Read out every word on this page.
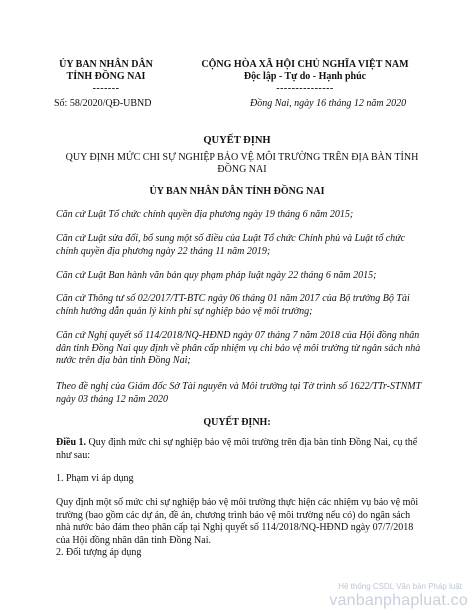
ỦY BAN NHÂN DÂN
TỈNH ĐỒNG NAI
-------
CỘNG HÒA XÃ HỘI CHỦ NGHĨA VIỆT NAM
Độc lập - Tự do - Hạnh phúc
---------------
Số: 58/2020/QĐ-UBND	Đồng Nai, ngày 16 tháng 12 năm 2020
QUYẾT ĐỊNH
QUY ĐỊNH MỨC CHI SỰ NGHIỆP BẢO VỆ MÔI TRƯỜNG TRÊN ĐỊA BÀN TỈNH ĐỒNG NAI
ỦY BAN NHÂN DÂN TỈNH ĐỒNG NAI
Căn cứ Luật Tổ chức chính quyền địa phương ngày 19 tháng 6 năm 2015;
Căn cứ Luật sửa đổi, bổ sung một số điều của Luật Tổ chức Chính phủ và Luật tổ chức chính quyền địa phương ngày 22 tháng 11 năm 2019;
Căn cứ Luật Ban hành văn bản quy phạm pháp luật ngày 22 tháng 6 năm 2015;
Căn cứ Thông tư số 02/2017/TT-BTC ngày 06 tháng 01 năm 2017 của Bộ trưởng Bộ Tài chính hướng dẫn quản lý kinh phí sự nghiệp bảo vệ môi trường;
Căn cứ Nghị quyết số 114/2018/NQ-HĐND ngày 07 tháng 7 năm 2018 của Hội đồng nhân dân tỉnh Đồng Nai quy định về phân cấp nhiệm vụ chi bảo vệ môi trường từ ngân sách nhà nước trên địa bàn tỉnh Đồng Nai;
Theo đề nghị của Giám đốc Sở Tài nguyên và Môi trường tại Tờ trình số 1622/TTr-STNMT ngày 03 tháng 12 năm 2020
QUYẾT ĐỊNH:
Điều 1. Quy định mức chi sự nghiệp bảo vệ môi trường trên địa bàn tỉnh Đồng Nai, cụ thể như sau:
1. Phạm vi áp dụng
Quy định một số mức chi sự nghiệp bảo vệ môi trường thực hiện các nhiệm vụ bảo vệ môi trường (bao gồm các dự án, đề án, chương trình bảo vệ môi trường nếu có) do ngân sách nhà nước bảo đảm theo phân cấp tại Nghị quyết số 114/2018/NQ-HĐND ngày 07/7/2018 của Hội đồng nhân dân tỉnh Đồng Nai.
2. Đối tượng áp dụng
Hệ thống CSDL Văn bản Pháp luật
vanbanphapluat.co
